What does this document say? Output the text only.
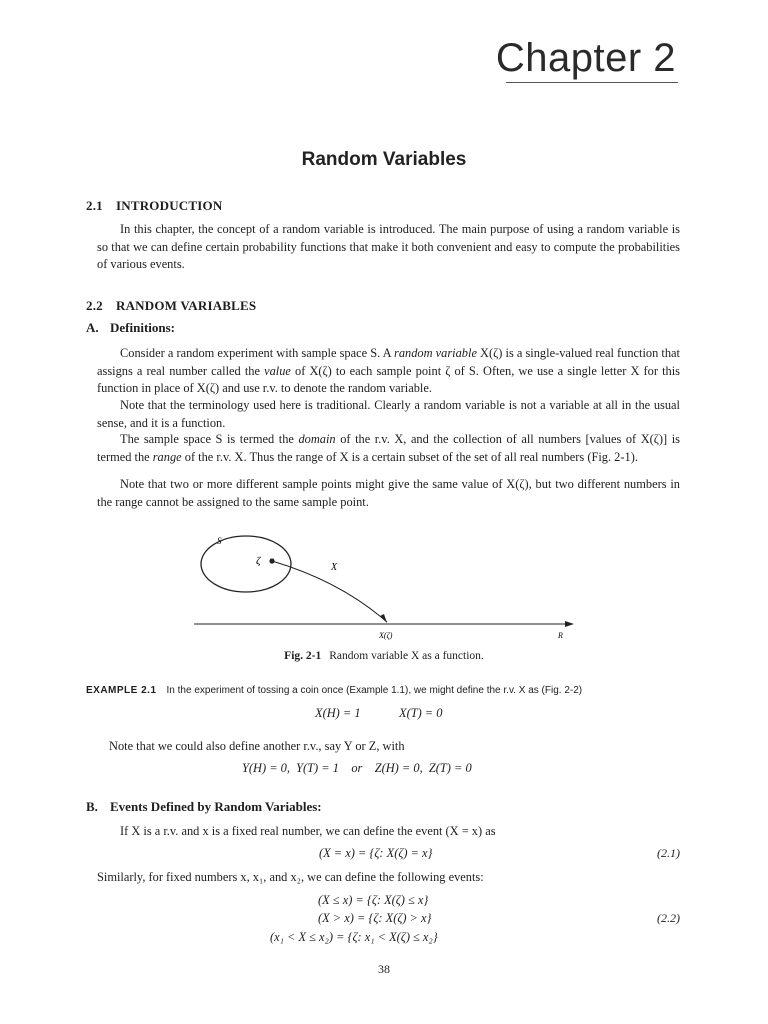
Chapter 2
Random Variables
2.1 INTRODUCTION
In this chapter, the concept of a random variable is introduced. The main purpose of using a random variable is so that we can define certain probability functions that make it both convenient and easy to compute the probabilities of various events.
2.2 RANDOM VARIABLES
A. Definitions:
Consider a random experiment with sample space S. A random variable X(ζ) is a single-valued real function that assigns a real number called the value of X(ζ) to each sample point ζ of S. Often, we use a single letter X for this function in place of X(ζ) and use r.v. to denote the random variable.
Note that the terminology used here is traditional. Clearly a random variable is not a variable at all in the usual sense, and it is a function.
The sample space S is termed the domain of the r.v. X, and the collection of all numbers [values of X(ζ)] is termed the range of the r.v. X. Thus the range of X is a certain subset of the set of all real numbers (Fig. 2-1).
Note that two or more different sample points might give the same value of X(ζ), but two different numbers in the range cannot be assigned to the same sample point.
S
ζ
X
X(ζ)	R
Fig. 2-1 Random variable X as a function.
EXAMPLE 2.1 In the experiment of tossing a coin once (Example 1.1), we might define the r.v. X as (Fig. 2-2)
X(H) = 1	X(T) = 0
Note that we could also define another r.v., say Y or Z, with
Y(H) = 0,  Y(T) = 1    or    Z(H) = 0,  Z(T) = 0
B. Events Defined by Random Variables:
If X is a r.v. and x is a fixed real number, we can define the event (X = x) as
(X = x) = {ζ: X(ζ) = x}	(2.1)
Similarly, for fixed numbers x, x₁, and x₂, we can define the following events:
(X ≤ x) = {ζ: X(ζ) ≤ x}
(X > x) = {ζ: X(ζ) > x}	(2.2)
(x₁ < X ≤ x₂) = {ζ: x₁ < X(ζ) ≤ x₂}
38
